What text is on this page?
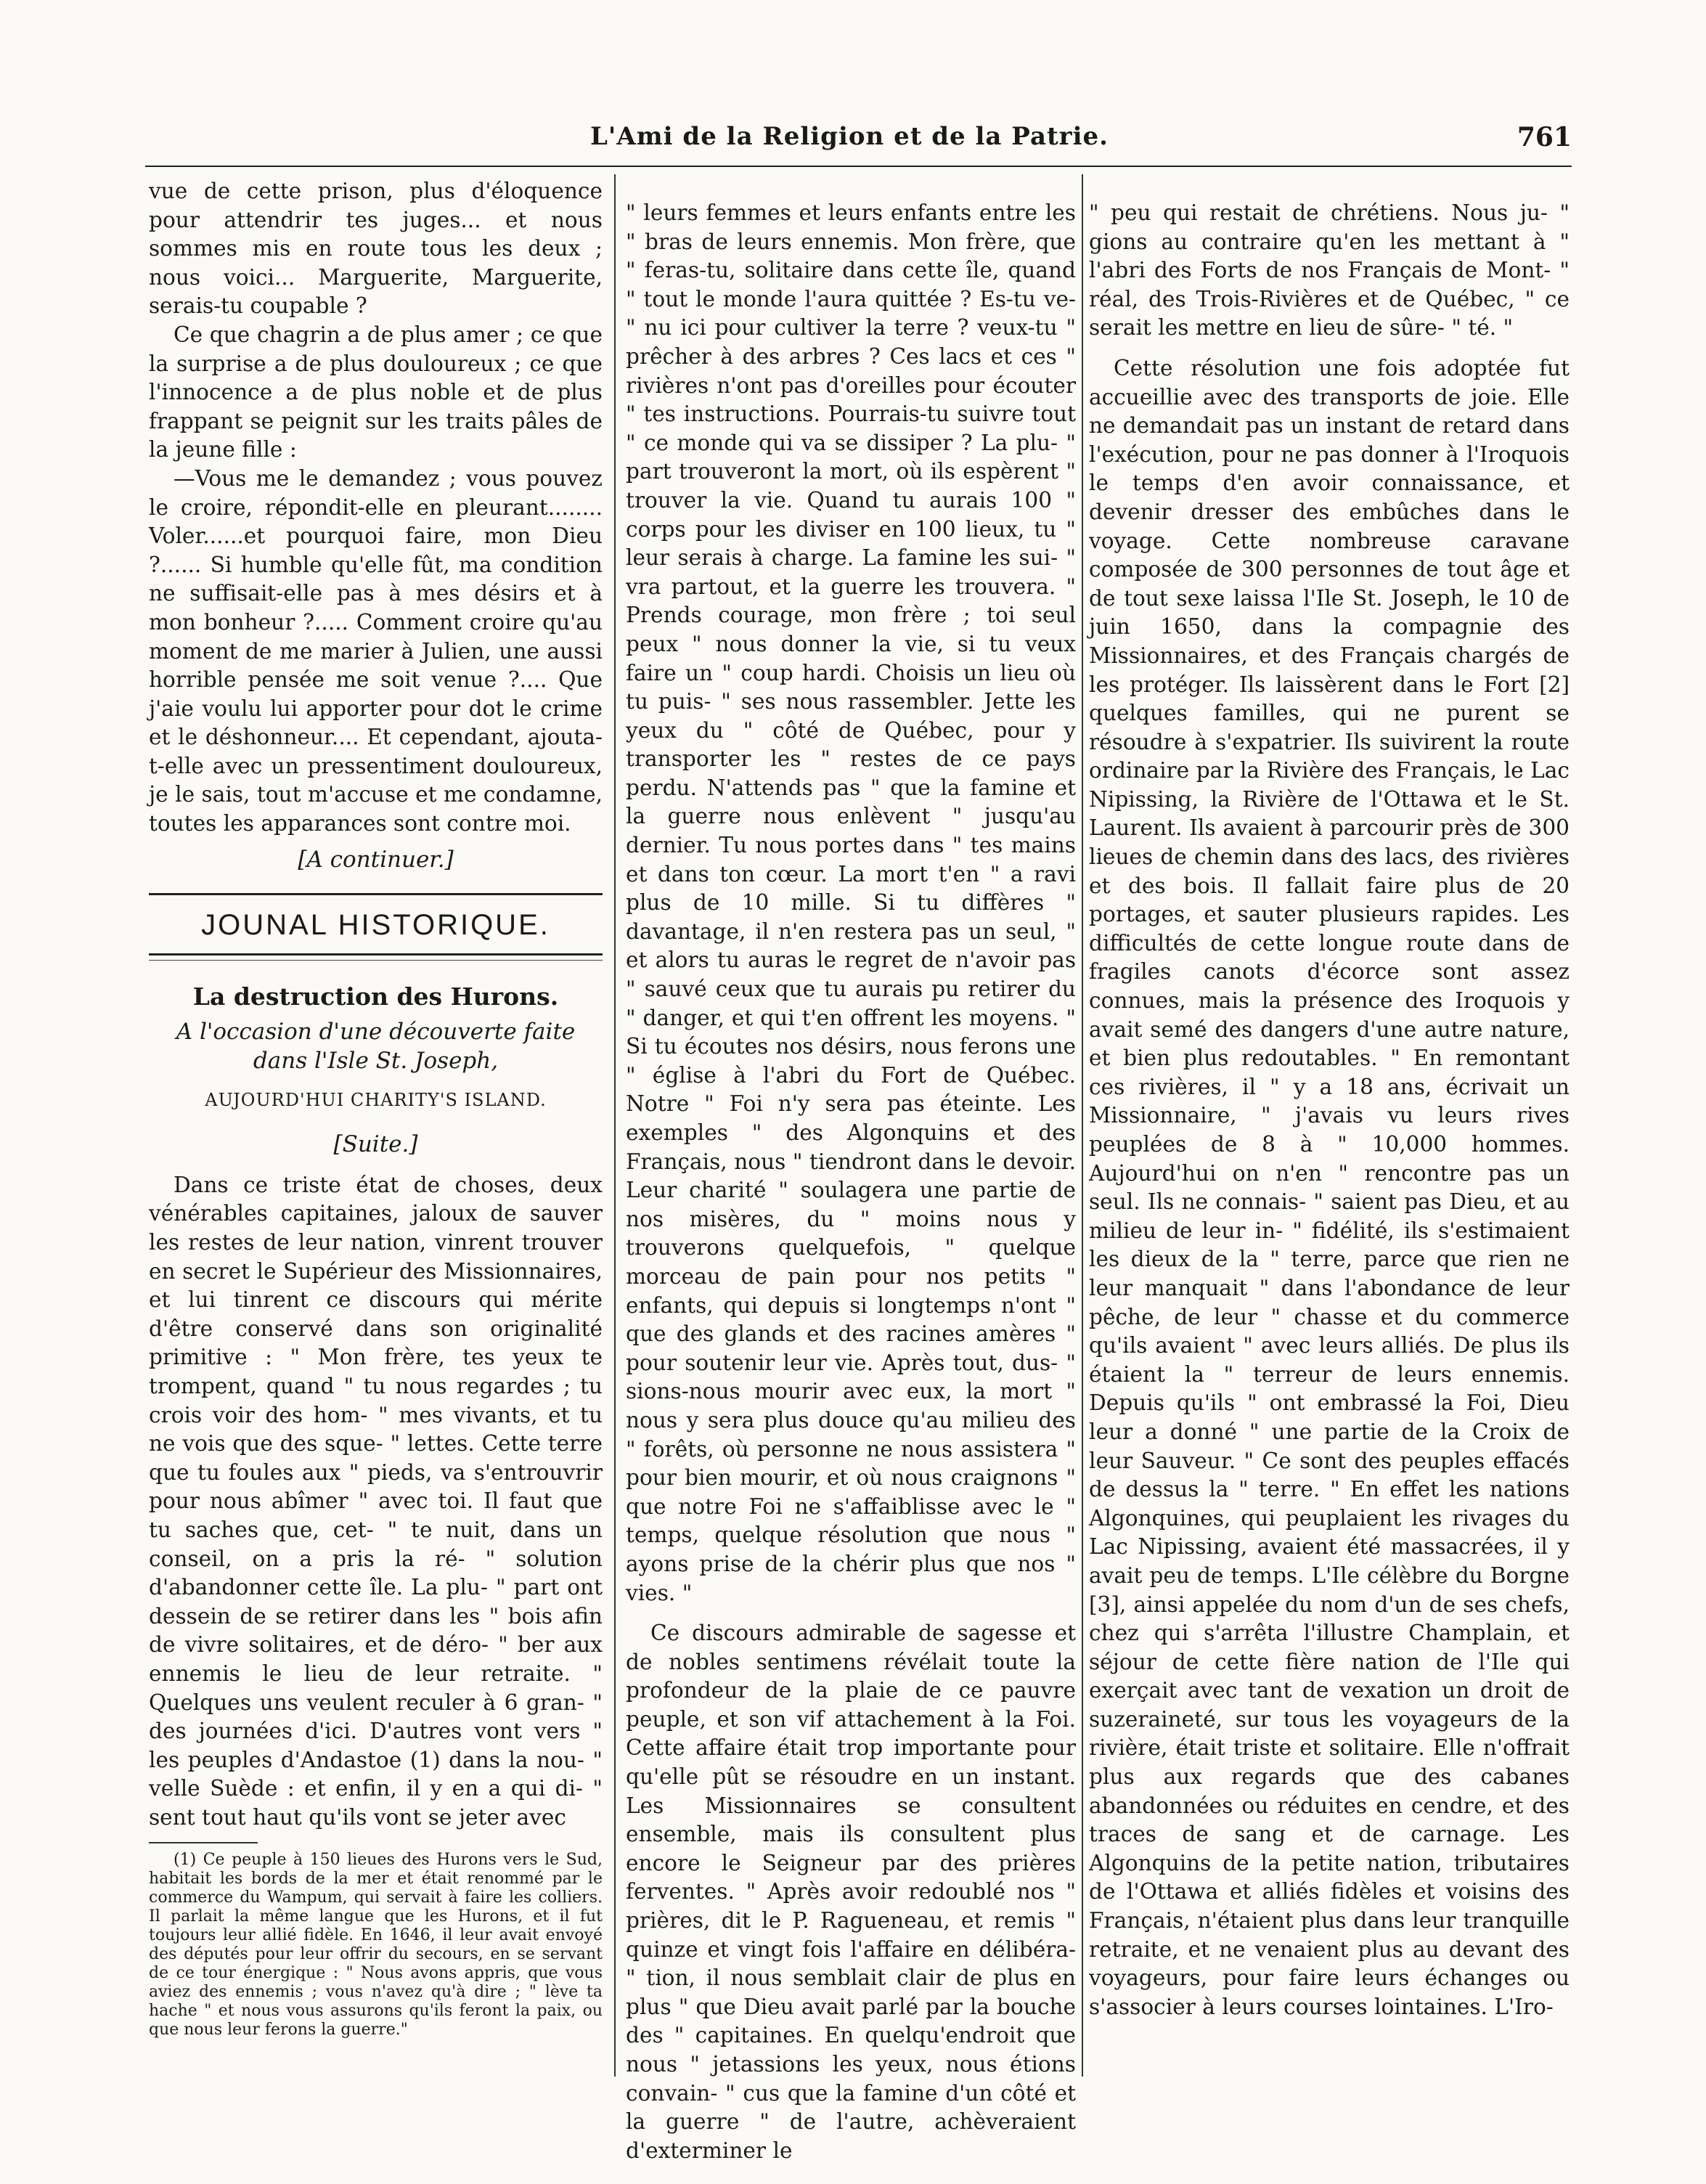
L'Ami de la Religion et de la Patrie.	761

vue de cette prison, plus d'éloquence pour attendrir tes juges... et nous sommes mis en route tous les deux ; nous voici... Marguerite, Marguerite, serais-tu coupable ?

Ce que chagrin a de plus amer ; ce que la surprise a de plus douloureux ; ce que l'innocence a de plus noble et de plus frappant se peignit sur les traits pâles de la jeune fille :

—Vous me le demandez ; vous pouvez le croire, répondit-elle en pleurant........ Voler......et pourquoi faire, mon Dieu ?...... Si humble qu'elle fût, ma condition ne suffisait-elle pas à mes désirs et à mon bonheur ?..... Comment croire qu'au moment de me marier à Julien, une aussi horrible pensée me soit venue ?.... Que j'aie voulu lui apporter pour dot le crime et le déshonneur.... Et cependant, ajouta-t-elle avec un pressentiment douloureux, je le sais, tout m'accuse et me condamne, toutes les apparances sont contre moi.

[A continuer.]

JOUNAL HISTORIQUE.

La destruction des Hurons.

A l'occasion d'une découverte faite dans l'Isle St. Joseph,

AUJOURD'HUI CHARITY'S ISLAND.

[Suite.]

Dans ce triste état de choses, deux vénérables capitaines, jaloux de sauver les restes de leur nation, vinrent trouver en secret le Supérieur des Missionnaires, et lui tinrent ce discours qui mérite d'être conservé dans son originalité primitive : " Mon frère, tes yeux te trompent, quand " tu nous regardes ; tu crois voir des hom- " mes vivants, et tu ne vois que des sque- " lettes. Cette terre que tu foules aux " pieds, va s'entrouvrir pour nous abîmer " avec toi. Il faut que tu saches que, cet- " te nuit, dans un conseil, on a pris la ré- " solution d'abandonner cette île. La plu- " part ont dessein de se retirer dans les " bois afin de vivre solitaires, et de déro- " ber aux ennemis le lieu de leur retraite. " Quelques uns veulent reculer à 6 gran- " des journées d'ici. D'autres vont vers " les peuples d'Andastoe (1) dans la nou- " velle Suède : et enfin, il y en a qui di- " sent tout haut qu'ils vont se jeter avec

(1) Ce peuple à 150 lieues des Hurons vers le Sud, habitait les bords de la mer et était renommé par le commerce du Wampum, qui servait à faire les colliers. Il parlait la même langue que les Hurons, et il fut toujours leur allié fidèle. En 1646, il leur avait envoyé des députés pour leur offrir du secours, en se servant de ce tour énergique : " Nous avons appris, que vous aviez des ennemis ; vous n'avez qu'à dire ; " lève ta hache " et nous vous assurons qu'ils feront la paix, ou que nous leur ferons la guerre."

" leurs femmes et leurs enfants entre les " bras de leurs ennemis. Mon frère, que " feras-tu, solitaire dans cette île, quand " tout le monde l'aura quittée ? Es-tu ve- " nu ici pour cultiver la terre ? veux-tu " prêcher à des arbres ? Ces lacs et ces " rivières n'ont pas d'oreilles pour écouter " tes instructions. Pourrais-tu suivre tout " ce monde qui va se dissiper ? La plu- " part trouveront la mort, où ils espèrent " trouver la vie. Quand tu aurais 100 " corps pour les diviser en 100 lieux, tu " leur serais à charge. La famine les sui- " vra partout, et la guerre les trouvera. " Prends courage, mon frère ; toi seul peux " nous donner la vie, si tu veux faire un " coup hardi. Choisis un lieu où tu puis- " ses nous rassembler. Jette les yeux du " côté de Québec, pour y transporter les " restes de ce pays perdu. N'attends pas " que la famine et la guerre nous enlèvent " jusqu'au dernier. Tu nous portes dans " tes mains et dans ton cœur. La mort t'en " a ravi plus de 10 mille. Si tu diffères " davantage, il n'en restera pas un seul, " et alors tu auras le regret de n'avoir pas " sauvé ceux que tu aurais pu retirer du " danger, et qui t'en offrent les moyens. " Si tu écoutes nos désirs, nous ferons une " église à l'abri du Fort de Québec. Notre " Foi n'y sera pas éteinte. Les exemples " des Algonquins et des Français, nous " tiendront dans le devoir. Leur charité " soulagera une partie de nos misères, du " moins nous y trouverons quelquefois, " quelque morceau de pain pour nos petits " enfants, qui depuis si longtemps n'ont " que des glands et des racines amères " pour soutenir leur vie. Après tout, dus- " sions-nous mourir avec eux, la mort " nous y sera plus douce qu'au milieu des " forêts, où personne ne nous assistera " pour bien mourir, et où nous craignons " que notre Foi ne s'affaiblisse avec le " temps, quelque résolution que nous " ayons prise de la chérir plus que nos " vies. "

Ce discours admirable de sagesse et de nobles sentimens révélait toute la profondeur de la plaie de ce pauvre peuple, et son vif attachement à la Foi. Cette affaire était trop importante pour qu'elle pût se résoudre en un instant. Les Missionnaires se consultent ensemble, mais ils consultent plus encore le Seigneur par des prières ferventes. " Après avoir redoublé nos " prières, dit le P. Ragueneau, et remis " quinze et vingt fois l'affaire en délibéra- " tion, il nous semblait clair de plus en plus " que Dieu avait parlé par la bouche des " capitaines. En quelqu'endroit que nous " jetassions les yeux, nous étions convain- " cus que la famine d'un côté et la guerre " de l'autre, achèveraient d'exterminer le

" peu qui restait de chrétiens. Nous ju- " gions au contraire qu'en les mettant à " l'abri des Forts de nos Français de Mont- " réal, des Trois-Rivières et de Québec, " ce serait les mettre en lieu de sûre- " té. "

Cette résolution une fois adoptée fut accueillie avec des transports de joie. Elle ne demandait pas un instant de retard dans l'exécution, pour ne pas donner à l'Iroquois le temps d'en avoir connaissance, et devenir dresser des embûches dans le voyage. Cette nombreuse caravane composée de 300 personnes de tout âge et de tout sexe laissa l'Ile St. Joseph, le 10 de juin 1650, dans la compagnie des Missionnaires, et des Français chargés de les protéger. Ils laissèrent dans le Fort [2] quelques familles, qui ne purent se résoudre à s'expatrier. Ils suivirent la route ordinaire par la Rivière des Français, le Lac Nipissing, la Rivière de l'Ottawa et le St. Laurent. Ils avaient à parcourir près de 300 lieues de chemin dans des lacs, des rivières et des bois. Il fallait faire plus de 20 portages, et sauter plusieurs rapides. Les difficultés de cette longue route dans de fragiles canots d'écorce sont assez connues, mais la présence des Iroquois y avait semé des dangers d'une autre nature, et bien plus redoutables. " En remontant ces rivières, il " y a 18 ans, écrivait un Missionnaire, " j'avais vu leurs rives peuplées de 8 à " 10,000 hommes. Aujourd'hui on n'en " rencontre pas un seul. Ils ne connais- " saient pas Dieu, et au milieu de leur in- " fidélité, ils s'estimaient les dieux de la " terre, parce que rien ne leur manquait " dans l'abondance de leur pêche, de leur " chasse et du commerce qu'ils avaient " avec leurs alliés. De plus ils étaient la " terreur de leurs ennemis. Depuis qu'ils " ont embrassé la Foi, Dieu leur a donné " une partie de la Croix de leur Sauveur. " Ce sont des peuples effacés de dessus la " terre. " En effet les nations Algonquines, qui peuplaient les rivages du Lac Nipissing, avaient été massacrées, il y avait peu de temps. L'Ile célèbre du Borgne [3], ainsi appelée du nom d'un de ses chefs, chez qui s'arrêta l'illustre Champlain, et séjour de cette fière nation de l'Ile qui exerçait avec tant de vexation un droit de suzeraineté, sur tous les voyageurs de la rivière, était triste et solitaire. Elle n'offrait plus aux regards que des cabanes abandonnées ou réduites en cendre, et des traces de sang et de carnage. Les Algonquins de la petite nation, tributaires de l'Ottawa et alliés fidèles et voisins des Français, n'étaient plus dans leur tranquille retraite, et ne venaient plus au devant des voyageurs, pour faire leurs échanges ou s'associer à leurs courses lointaines. L'Iro-
